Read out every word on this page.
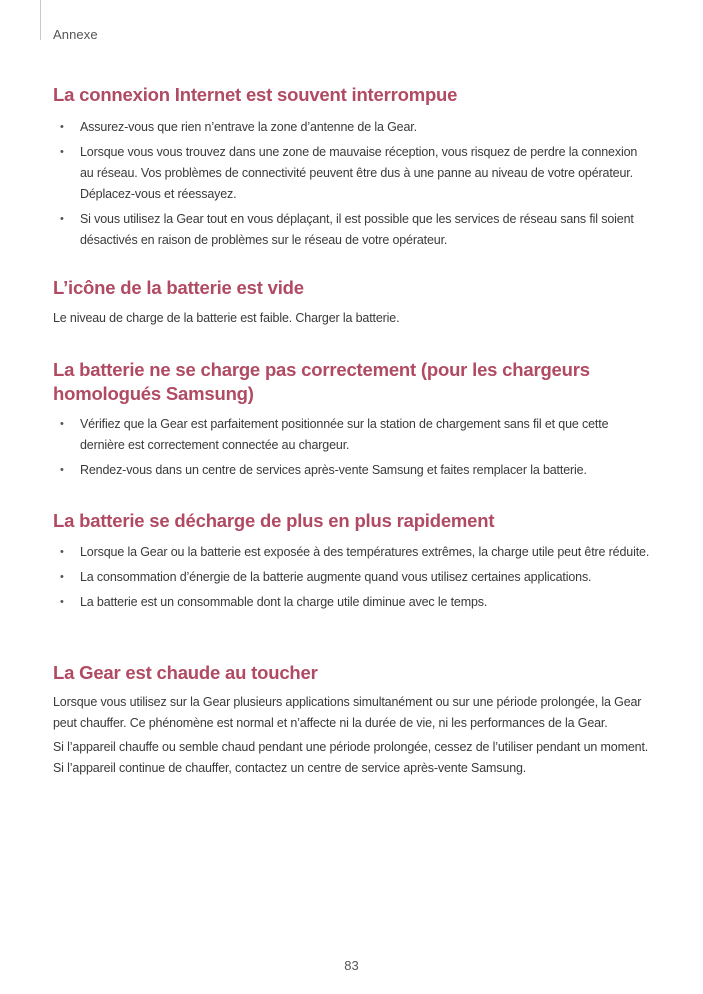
Annexe
La connexion Internet est souvent interrompue
• Assurez-vous que rien n’entrave la zone d’antenne de la Gear.
• Lorsque vous vous trouvez dans une zone de mauvaise réception, vous risquez de perdre la connexion au réseau. Vos problèmes de connectivité peuvent être dus à une panne au niveau de votre opérateur. Déplacez-vous et réessayez.
• Si vous utilisez la Gear tout en vous déplaçant, il est possible que les services de réseau sans fil soient désactivés en raison de problèmes sur le réseau de votre opérateur.
L’icône de la batterie est vide

Le niveau de charge de la batterie est faible. Charger la batterie.

La batterie ne se charge pas correctement (pour les chargeurs homologués Samsung)
• Vérifiez que la Gear est parfaitement positionnée sur la station de chargement sans fil et que cette dernière est correctement connectée au chargeur.
• Rendez-vous dans un centre de services après-vente Samsung et faites remplacer la batterie.
La batterie se décharge de plus en plus rapidement
• Lorsque la Gear ou la batterie est exposée à des températures extrêmes, la charge utile peut être réduite.
• La consommation d’énergie de la batterie augmente quand vous utilisez certaines applications.
• La batterie est un consommable dont la charge utile diminue avec le temps.
La Gear est chaude au toucher

Lorsque vous utilisez sur la Gear plusieurs applications simultanément ou sur une période prolongée, la Gear peut chauffer. Ce phénomène est normal et n’affecte ni la durée de vie, ni les performances de la Gear.

Si l’appareil chauffe ou semble chaud pendant une période prolongée, cessez de l’utiliser pendant un moment. Si l’appareil continue de chauffer, contactez un centre de service après-vente Samsung.

83
